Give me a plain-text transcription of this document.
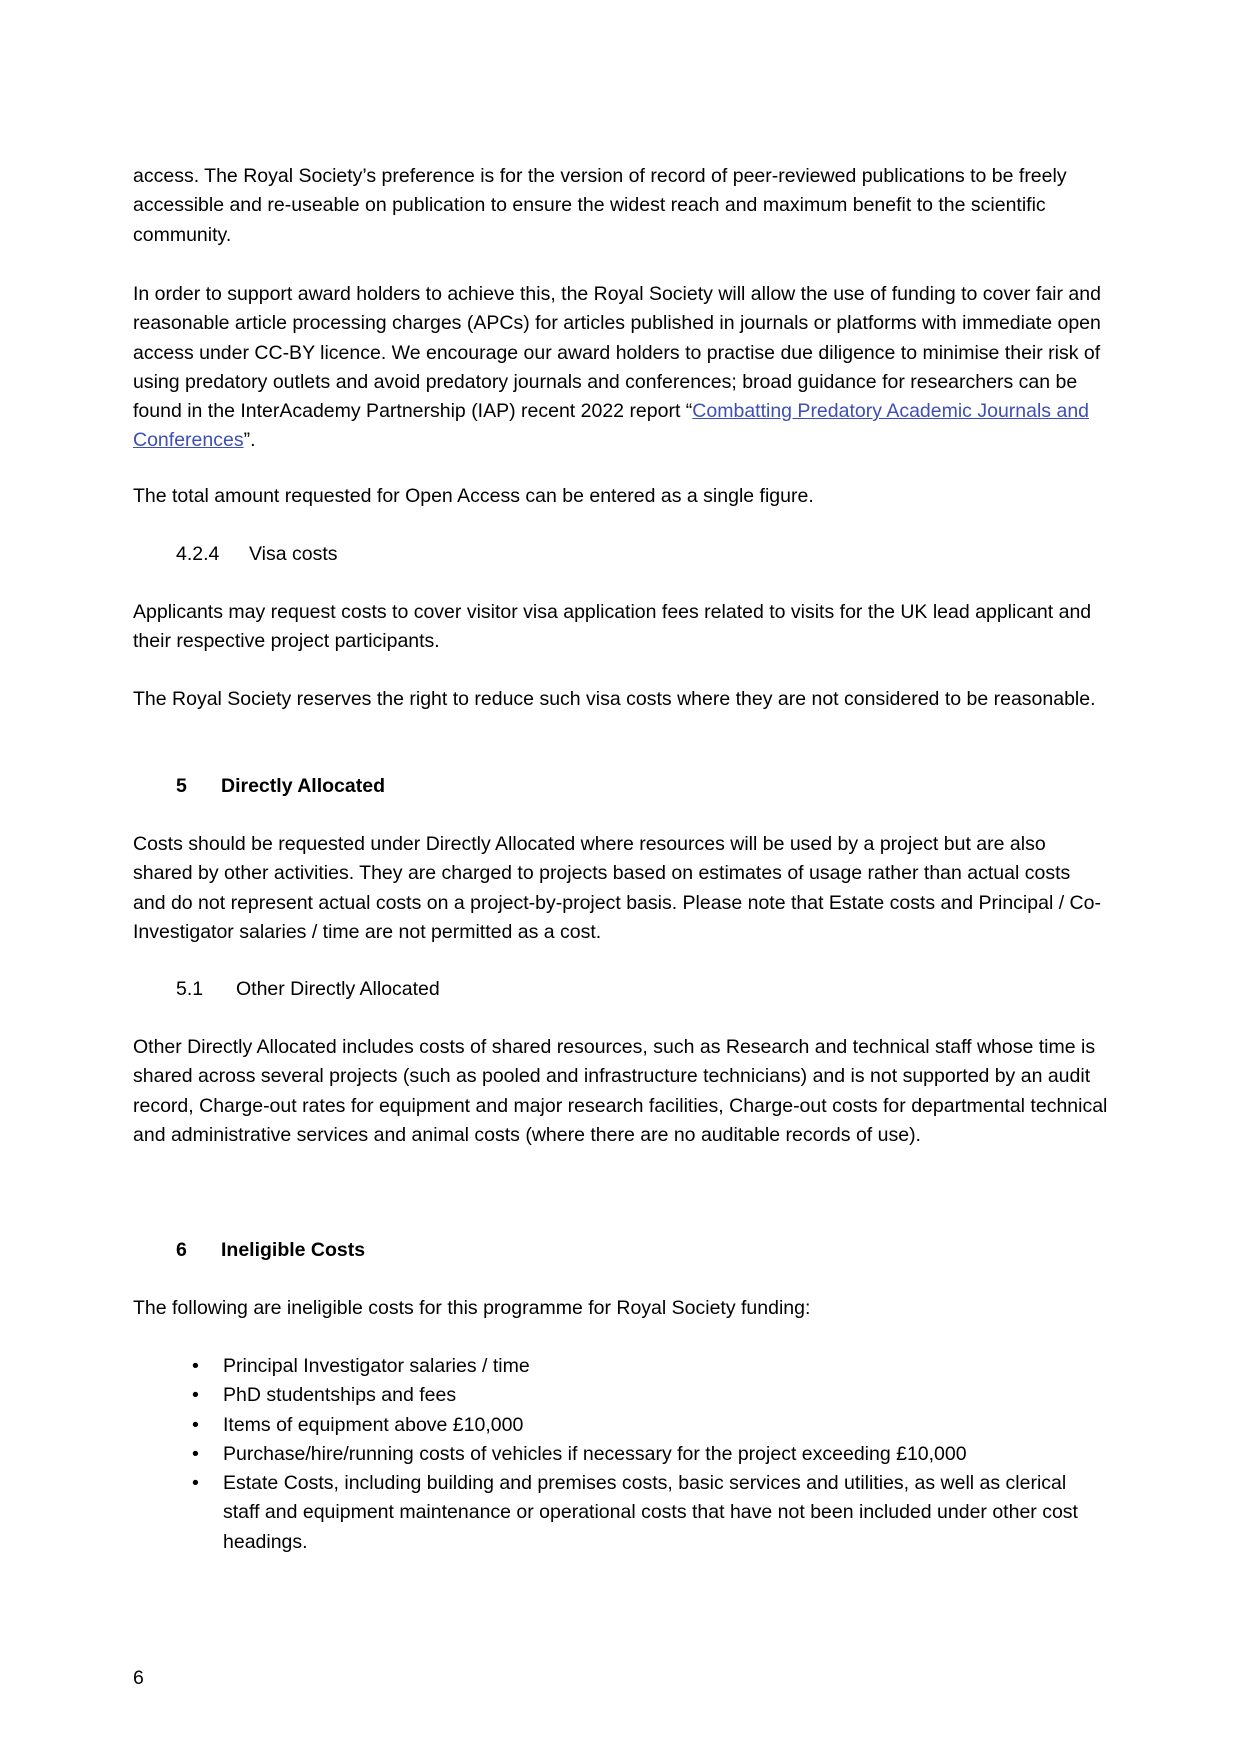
access. The Royal Society’s preference is for the version of record of peer-reviewed publications to be freely accessible and re-useable on publication to ensure the widest reach and maximum benefit to the scientific community.

In order to support award holders to achieve this, the Royal Society will allow the use of funding to cover fair and reasonable article processing charges (APCs) for articles published in journals or platforms with immediate open access under CC-BY licence. We encourage our award holders to practise due diligence to minimise their risk of using predatory outlets and avoid predatory journals and conferences; broad guidance for researchers can be found in the InterAcademy Partnership (IAP) recent 2022 report “Combatting Predatory Academic Journals and Conferences”.

The total amount requested for Open Access can be entered as a single figure.

4.2.4 Visa costs

Applicants may request costs to cover visitor visa application fees related to visits for the UK lead applicant and their respective project participants.

The Royal Society reserves the right to reduce such visa costs where they are not considered to be reasonable.

5 Directly Allocated

Costs should be requested under Directly Allocated where resources will be used by a project but are also shared by other activities. They are charged to projects based on estimates of usage rather than actual costs and do not represent actual costs on a project-by-project basis. Please note that Estate costs and Principal / Co- Investigator salaries / time are not permitted as a cost.

5.1 Other Directly Allocated

Other Directly Allocated includes costs of shared resources, such as Research and technical staff whose time is shared across several projects (such as pooled and infrastructure technicians) and is not supported by an audit record, Charge-out rates for equipment and major research facilities, Charge-out costs for departmental technical and administrative services and animal costs (where there are no auditable records of use).

6 Ineligible Costs

The following are ineligible costs for this programme for Royal Society funding:

• Principal Investigator salaries / time
• PhD studentships and fees
• Items of equipment above £10,000
• Purchase/hire/running costs of vehicles if necessary for the project exceeding £10,000
• Estate Costs, including building and premises costs, basic services and utilities, as well as clerical staff and equipment maintenance or operational costs that have not been included under other cost headings.
6
